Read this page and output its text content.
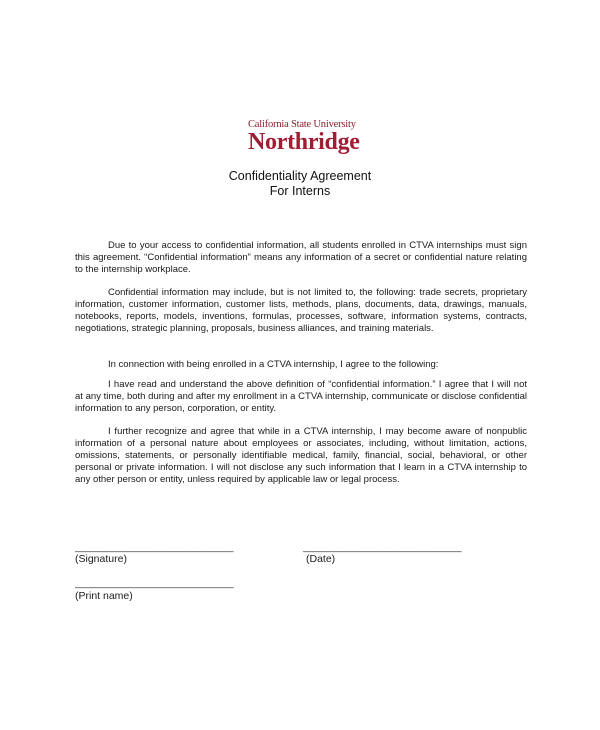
California State University
Northridge
Confidentiality Agreement
For Interns
Due to your access to confidential information, all students enrolled in CTVA internships must sign this agreement. “Confidential information” means any information of a secret or confidential nature relating to the internship workplace.
Confidential information may include, but is not limited to, the following: trade secrets, proprietary information, customer information, customer lists, methods, plans, documents, data, drawings, manuals, notebooks, reports, models, inventions, formulas, processes, software, information systems, contracts, negotiations, strategic planning, proposals, business alliances, and training materials.
In connection with being enrolled in a CTVA internship, I agree to the following:
I have read and understand the above definition of “confidential information.” I agree that I will not at any time, both during and after my enrollment in a CTVA internship, communicate or disclose confidential information to any person, corporation, or entity.
I further recognize and agree that while in a CTVA internship, I may become aware of nonpublic information of a personal nature about employees or associates, including, without limitation, actions, omissions, statements, or personally identifiable medical, family, financial, social, behavioral, or other personal or private information. I will not disclose any such information that I learn in a CTVA internship to any other person or entity, unless required by applicable law or legal process.
______________________________
(Signature)
______________________________
(Date)
______________________________
(Print name)
